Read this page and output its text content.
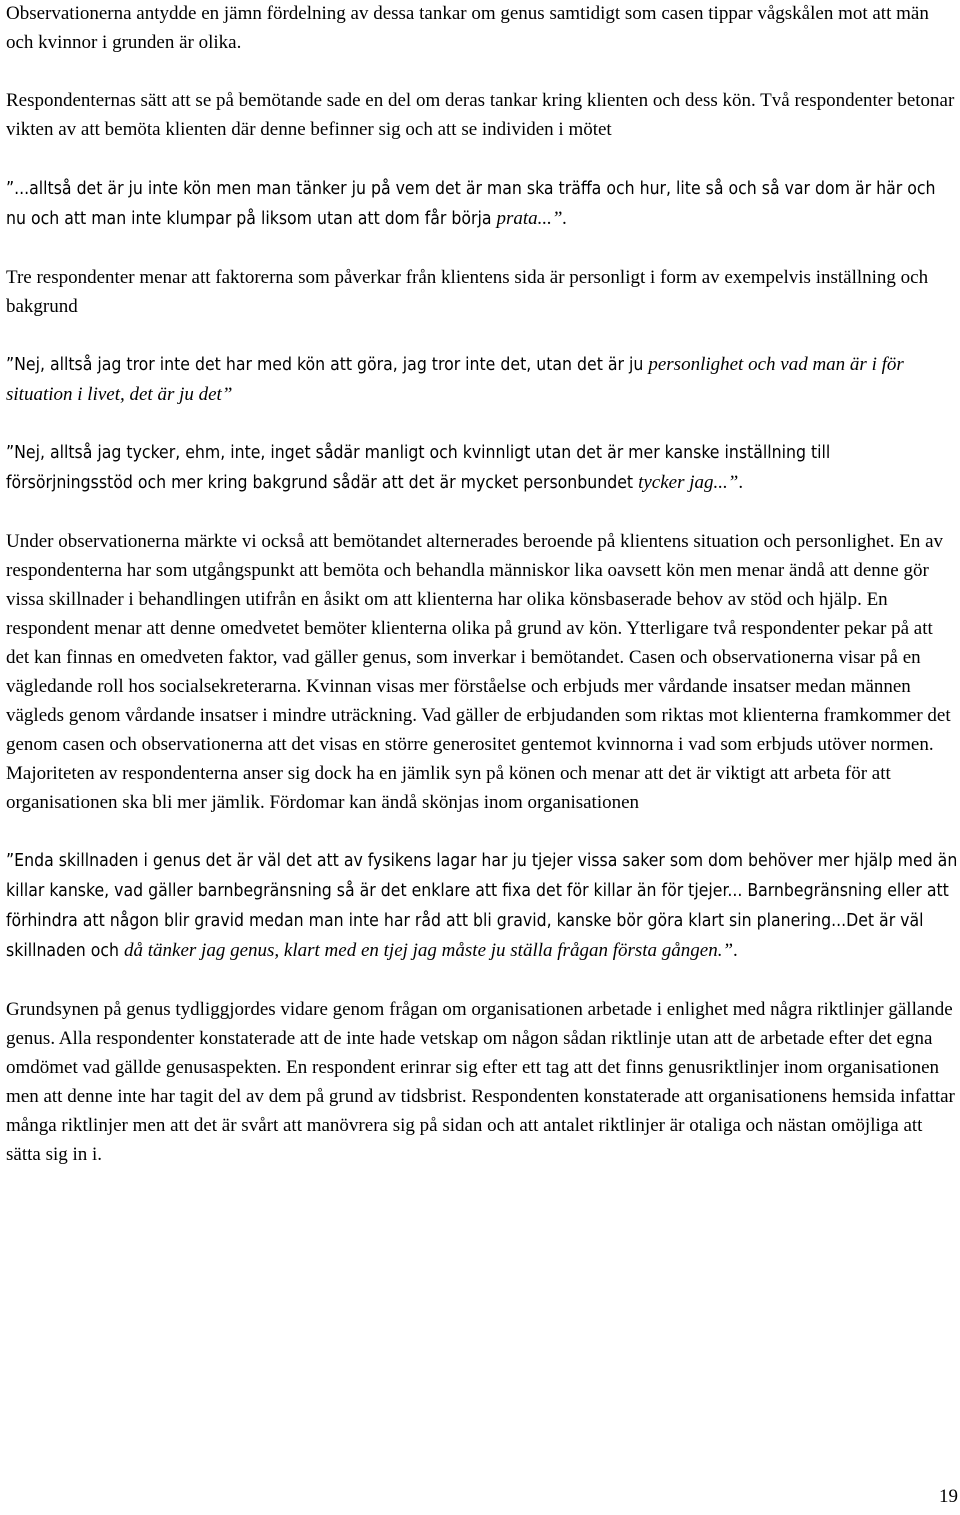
Observationerna antydde en jämn fördelning av dessa tankar om genus samtidigt som casen tippar vågskålen mot att män och kvinnor i grunden är olika.

Respondenternas sätt att se på bemötande sade en del om deras tankar kring klienten och dess kön. Två respondenter betonar vikten av att bemöta klienten där denne befinner sig och att se individen i mötet

”...alltså det är ju inte kön men man tänker ju på vem det är man ska träffa och hur, lite så och så var dom är här och nu och att man inte klumpar på liksom utan att dom får börja prata...”.

Tre respondenter menar att faktorerna som påverkar från klientens sida är personligt i form av exempelvis inställning och bakgrund

”Nej, alltså jag tror inte det har med kön att göra, jag tror inte det, utan det är ju personlighet och vad man är i för situation i livet, det är ju det”

”Nej, alltså jag tycker, ehm, inte, inget sådär manligt och kvinnligt utan det är mer kanske inställning till försörjningsstöd och mer kring bakgrund sådär att det är mycket personbundet tycker jag...”.

Under observationerna märkte vi också att bemötandet alternerades beroende på klientens situation och personlighet. En av respondenterna har som utgångspunkt att bemöta och behandla människor lika oavsett kön men menar ändå att denne gör vissa skillnader i behandlingen utifrån en åsikt om att klienterna har olika könsbaserade behov av stöd och hjälp. En respondent menar att denne omedvetet bemöter klienterna olika på grund av kön. Ytterligare två respondenter pekar på att det kan finnas en omedveten faktor, vad gäller genus, som inverkar i bemötandet. Casen och observationerna visar på en vägledande roll hos socialsekreterarna. Kvinnan visas mer förståelse och erbjuds mer vårdande insatser medan männen vägleds genom vårdande insatser i mindre uträckning. Vad gäller de erbjudanden som riktas mot klienterna framkommer det genom casen och observationerna att det visas en större generositet gentemot kvinnorna i vad som erbjuds utöver normen. Majoriteten av respondenterna anser sig dock ha en jämlik syn på könen och menar att det är viktigt att arbeta för att organisationen ska bli mer jämlik. Fördomar kan ändå skönjas inom organisationen

”Enda skillnaden i genus det är väl det att av fysikens lagar har ju tjejer vissa saker som dom behöver mer hjälp med än killar kanske, vad gäller barnbegränsning så är det enklare att fixa det för killar än för tjejer... Barnbegränsning eller att förhindra att någon blir gravid medan man inte har råd att bli gravid, kanske bör göra klart sin planering...Det är väl skillnaden och då tänker jag genus, klart med en tjej jag måste ju ställa frågan första gången.”.

Grundsynen på genus tydliggjordes vidare genom frågan om organisationen arbetade i enlighet med några riktlinjer gällande genus. Alla respondenter konstaterade att de inte hade vetskap om någon sådan riktlinje utan att de arbetade efter det egna omdömet vad gällde genusaspekten. En respondent erinrar sig efter ett tag att det finns genusriktlinjer inom organisationen men att denne inte har tagit del av dem på grund av tidsbrist. Respondenten konstaterade att organisationens hemsida infattar många riktlinjer men att det är svårt att manövrera sig på sidan och att antalet riktlinjer är otaliga och nästan omöjliga att sätta sig in i.

19
